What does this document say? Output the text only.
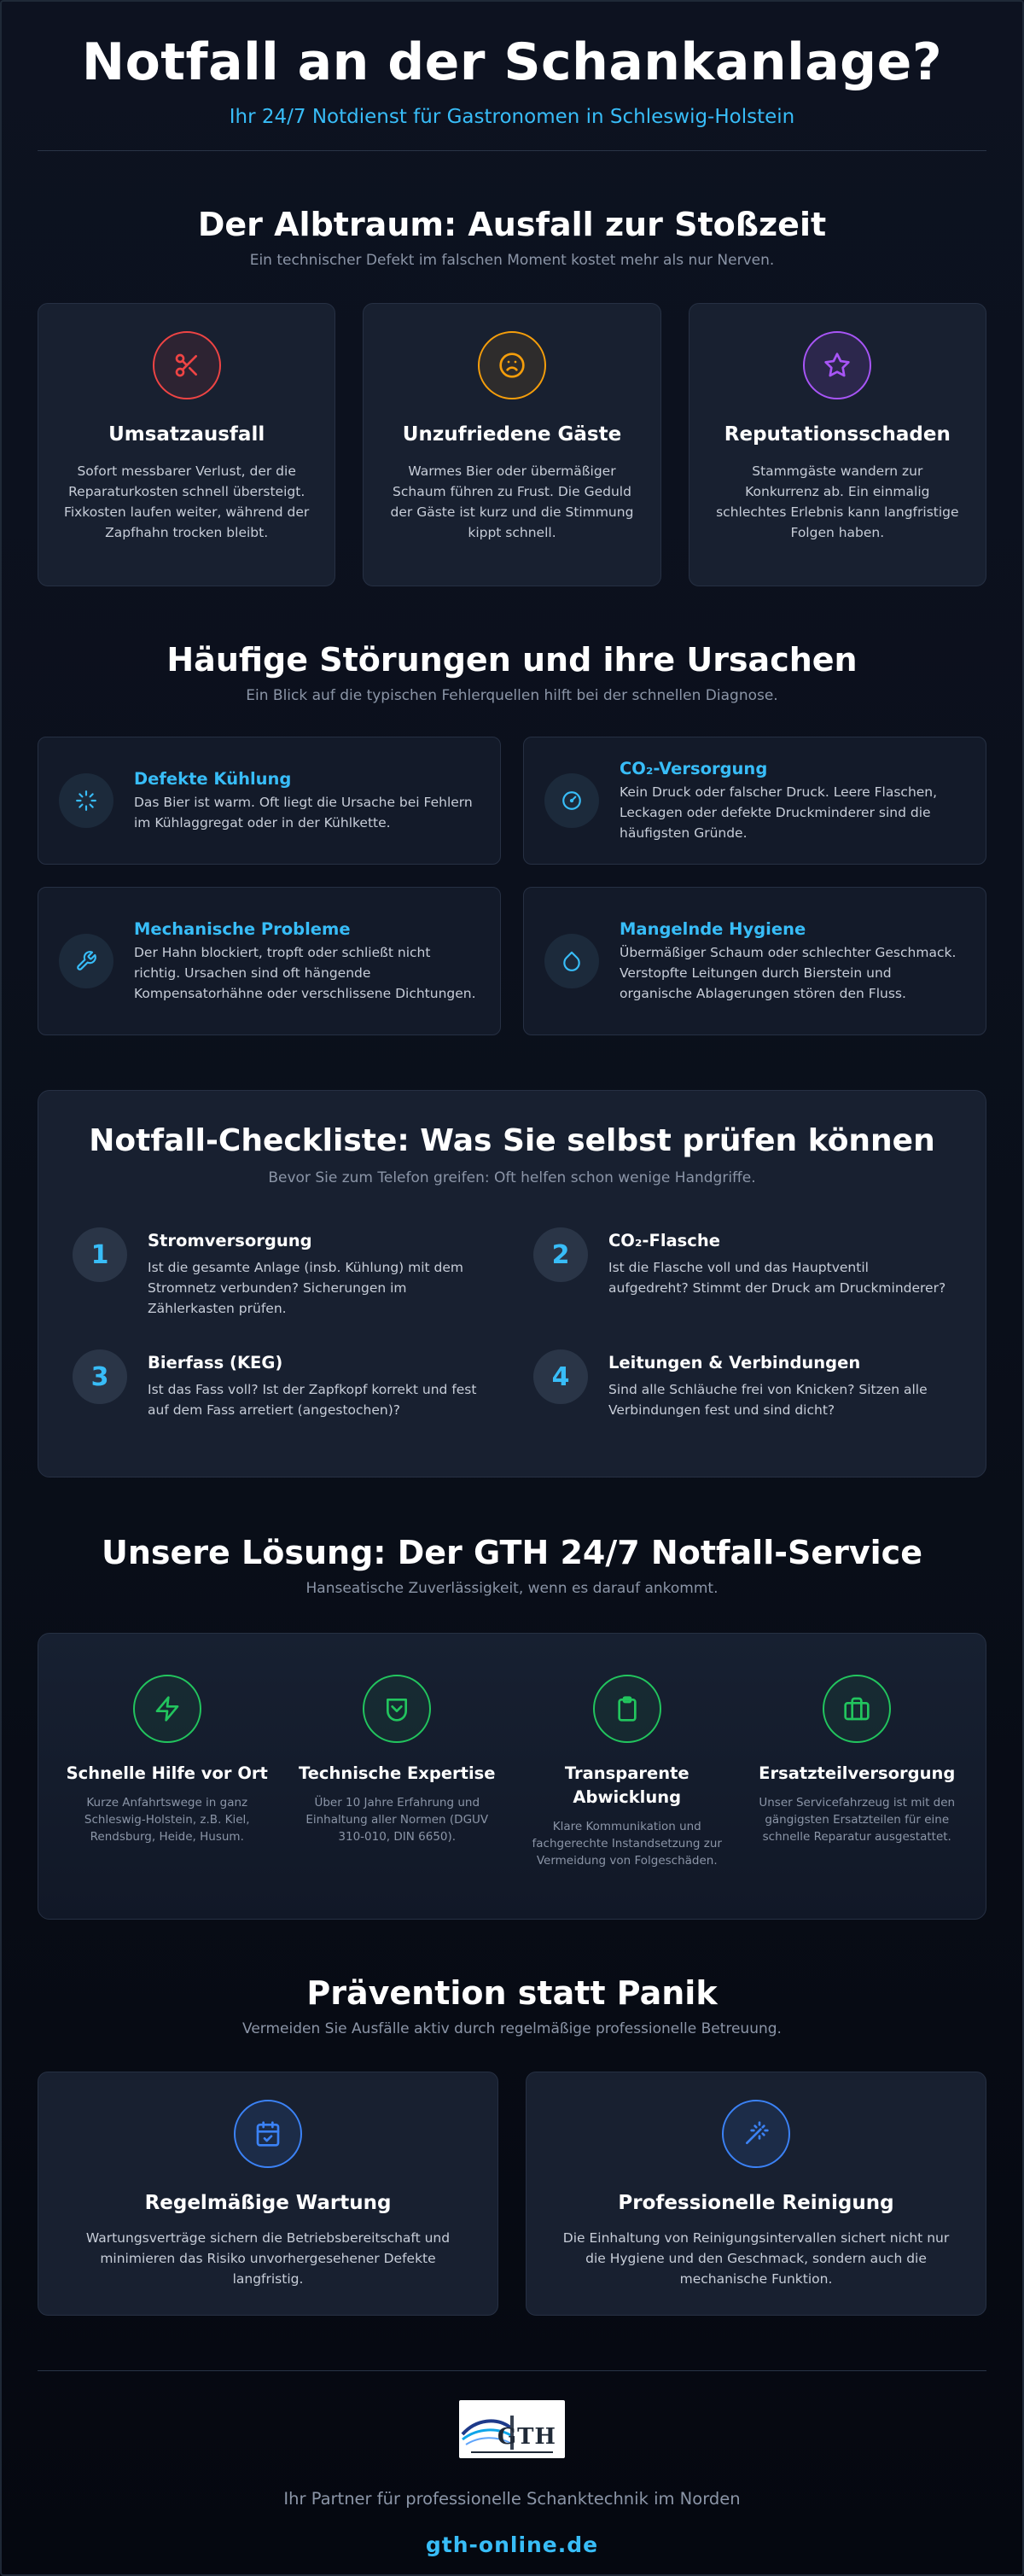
Notfall an der Schankanlage?
Ihr 24/7 Notdienst für Gastronomen in Schleswig-Holstein
Der Albtraum: Ausfall zur Stoßzeit
Ein technischer Defekt im falschen Moment kostet mehr als nur Nerven.
Umsatzausfall

Sofort messbarer Verlust, der die Reparaturkosten schnell übersteigt. Fixkosten laufen weiter, während der Zapfhahn trocken bleibt.

Unzufriedene Gäste

Warmes Bier oder übermäßiger Schaum führen zu Frust. Die Geduld der Gäste ist kurz und die Stimmung kippt schnell.

Reputationsschaden

Stammgäste wandern zur Konkurrenz ab. Ein einmalig schlechtes Erlebnis kann langfristige Folgen haben.

Häufige Störungen und ihre Ursachen
Ein Blick auf die typischen Fehlerquellen hilft bei der schnellen Diagnose.
Defekte Kühlung

Das Bier ist warm. Oft liegt die Ursache bei Fehlern im Kühlaggregat oder in der Kühlkette.

CO₂-Versorgung

Kein Druck oder falscher Druck. Leere Flaschen, Leckagen oder defekte Druckminderer sind die häufigsten Gründe.

Mechanische Probleme

Der Hahn blockiert, tropft oder schließt nicht richtig. Ursachen sind oft hängende Kompensatorhähne oder verschlissene Dichtungen.

Mangelnde Hygiene

Übermäßiger Schaum oder schlechter Geschmack. Verstopfte Leitungen durch Bierstein und organische Ablagerungen stören den Fluss.

Notfall-Checkliste: Was Sie selbst prüfen können
Bevor Sie zum Telefon greifen: Oft helfen schon wenige Handgriffe.
1	Stromversorgung

Ist die gesamte Anlage (insb. Kühlung) mit dem Stromnetz verbunden? Sicherungen im Zählerkasten prüfen.

2	CO₂-Flasche

Ist die Flasche voll und das Hauptventil aufgedreht? Stimmt der Druck am Druckminderer?

3	Bierfass (KEG)

Ist das Fass voll? Ist der Zapfkopf korrekt und fest auf dem Fass arretiert (angestochen)?

4	Leitungen & Verbindungen

Sind alle Schläuche frei von Knicken? Sitzen alle Verbindungen fest und sind dicht?

Unsere Lösung: Der GTH 24/7 Notfall-Service
Hanseatische Zuverlässigkeit, wenn es darauf ankommt.
Schnelle Hilfe vor Ort

Kurze Anfahrtswege in ganz Schleswig-Holstein, z.B. Kiel, Rendsburg, Heide, Husum.

Technische Expertise

Über 10 Jahre Erfahrung und Einhaltung aller Normen (DGUV 310-010, DIN 6650).

Transparente Abwicklung

Klare Kommunikation und fachgerechte Instandsetzung zur Vermeidung von Folgeschäden.

Ersatzteilversorgung

Unser Servicefahrzeug ist mit den gängigsten Ersatzteilen für eine schnelle Reparatur ausgestattet.

Prävention statt Panik
Vermeiden Sie Ausfälle aktiv durch regelmäßige professionelle Betreuung.
Regelmäßige Wartung

Wartungsverträge sichern die Betriebsbereitschaft und minimieren das Risiko unvorhergesehener Defekte langfristig.

Professionelle Reinigung

Die Einhaltung von Reinigungsintervallen sichert nicht nur die Hygiene und den Geschmack, sondern auch die mechanische Funktion.

GTH
Ihr Partner für professionelle Schanktechnik im Norden
gth-online.de
